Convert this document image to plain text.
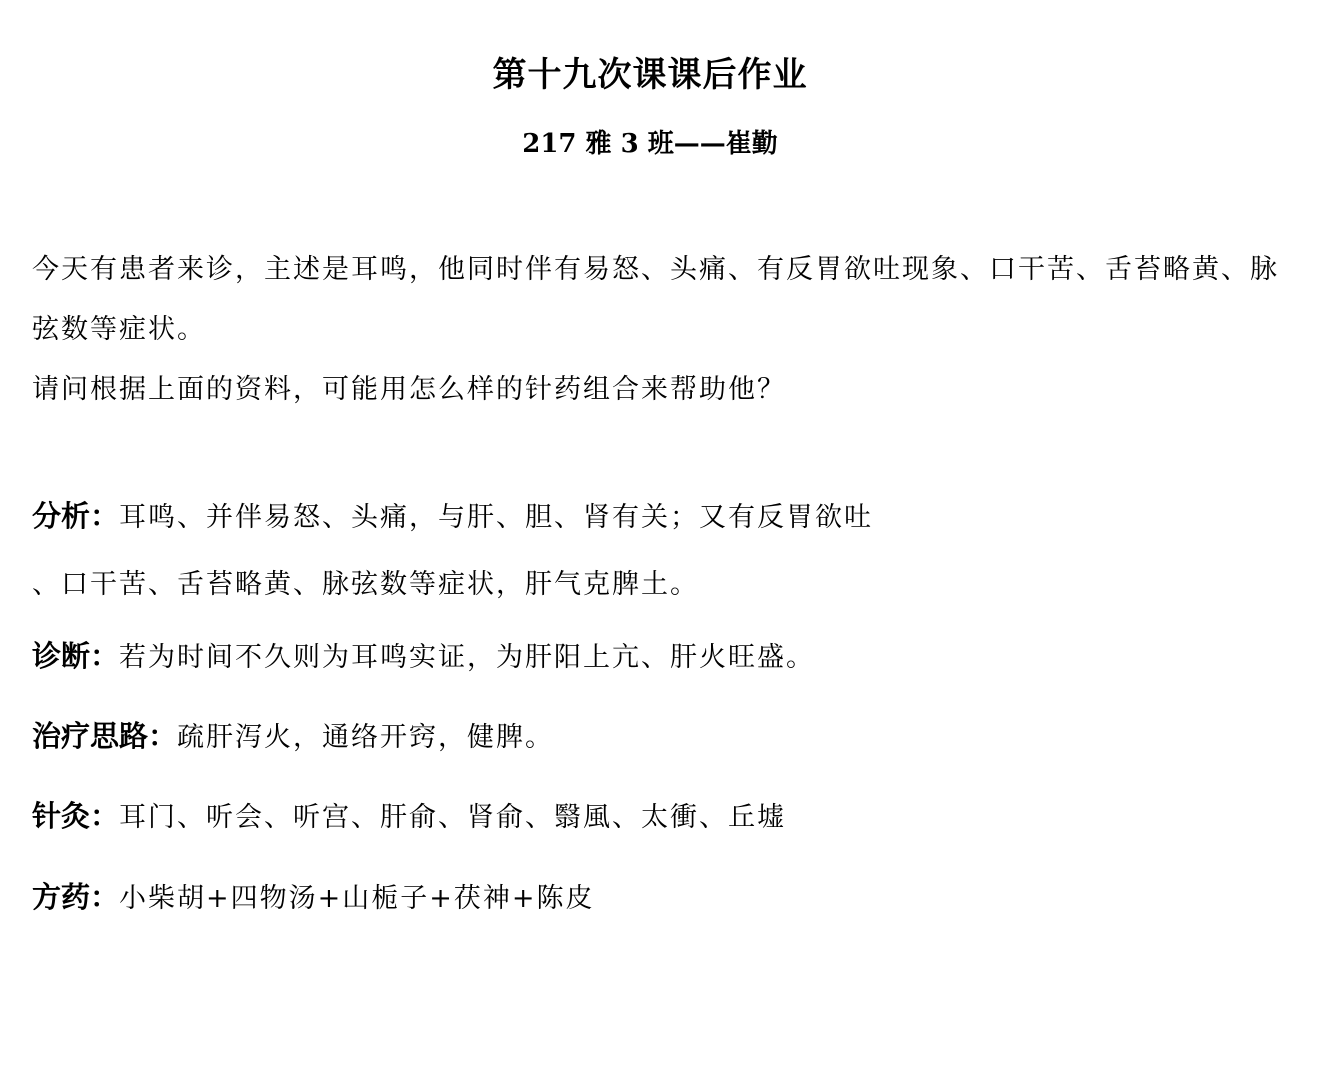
第十九次课课后作业
217 雅 3 班——崔勤

今天有患者来诊，主述是耳鸣，他同时伴有易怒、头痛、有反胃欲吐现象、口干苦、舌苔略黄、脉弦数等症状。

请问根据上面的资料，可能用怎么样的针药组合来帮助他？

分析：耳鸣、并伴易怒、头痛，与肝、胆、肾有关；又有反胃欲吐
、口干苦、舌苔略黄、脉弦数等症状，肝气克脾土。
诊断：若为时间不久则为耳鸣实证，为肝阳上亢、肝火旺盛。
治疗思路：疏肝泻火，通络开窍，健脾。
针灸：耳门、听会、听宫、肝俞、肾俞、翳風、太衝、丘墟
方药：小柴胡+四物汤+山栀子+茯神+陈皮
